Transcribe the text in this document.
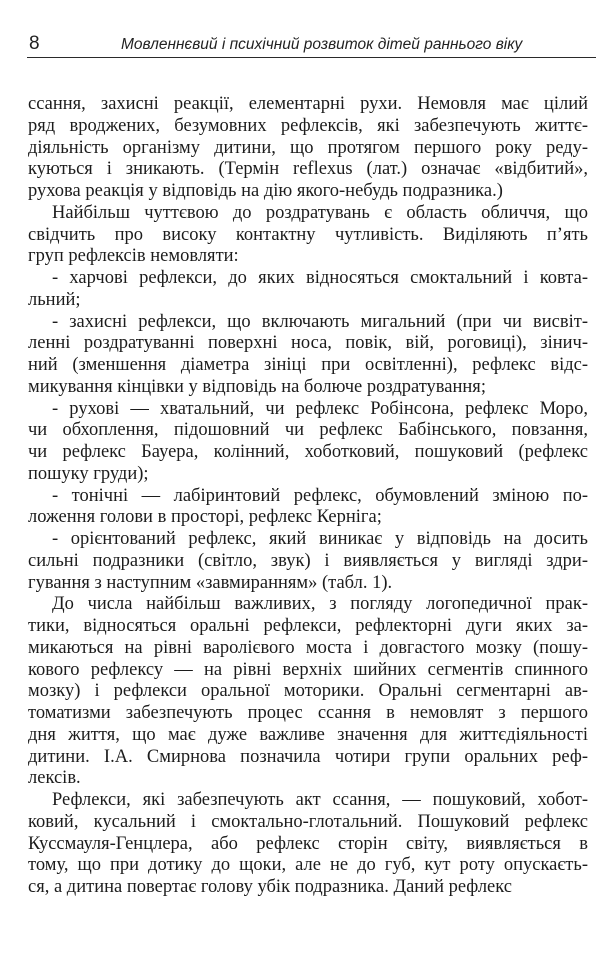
8	Мовленнєвий і психічний розвиток дітей раннього віку
ссання, захисні реакції, елементарні рухи. Немовля має цілий
ряд вроджених, безумовних рефлексів, які забезпечують життє-
діяльність організму дитини, що протягом першого року реду-
куються і зникають. (Термін reflexus (лат.) означає «відбитий»,
рухова реакція у відповідь на дію якого-небудь подразника.)
Найбільш чуттєвою до роздратувань є область обличчя, що
свідчить про високу контактну чутливість. Виділяють п’ять
груп рефлексів немовляти:
- харчові рефлекси, до яких відносяться смоктальний і ковта-
льний;
- захисні рефлекси, що включають мигальний (при чи висвіт-
ленні роздратуванні поверхні носа, повік, вій, роговиці), зінич-
ний (зменшення діаметра зініці при освітленні), рефлекс відс-
микування кінцівки у відповідь на болюче роздратування;
- рухові — хватальний, чи рефлекс Робінсона, рефлекс Моро,
чи обхоплення, підошовний чи рефлекс Бабінського, повзання,
чи рефлекс Бауера, колінний, хоботковий, пошуковий (рефлекс
пошуку груди);
- тонічні — лабіринтовий рефлекс, обумовлений зміною по-
ложення голови в просторі, рефлекс Керніга;
- орієнтований рефлекс, який виникає у відповідь на досить
сильні подразники (світло, звук) і виявляється у вигляді здри-
гування з наступним «завмиранням» (табл. 1).
До числа найбільш важливих, з погляду логопедичної прак-
тики, відносяться оральні рефлекси, рефлекторні дуги яких за-
микаються на рівні варолієвого моста і довгастого мозку (пошу-
кового рефлексу — на рівні верхніх шийних сегментів спинного
мозку) і рефлекси оральної моторики. Оральні сегментарні ав-
томатизми забезпечують процес ссання в немовлят з першого
дня життя, що має дуже важливе значення для життєдіяльності
дитини. І.А. Смирнова позначила чотири групи оральних реф-
лексів.
Рефлекси, які забезпечують акт ссання, — пошуковий, хобот-
ковий, кусальний і смоктально-глотальний. Пошуковий рефлекс
Куссмауля-Генцлера, або рефлекс сторін світу, виявляється в
тому, що при дотику до щоки, але не до губ, кут роту опускаєть-
ся, а дитина повертає голову убік подразника. Даний рефлекс
